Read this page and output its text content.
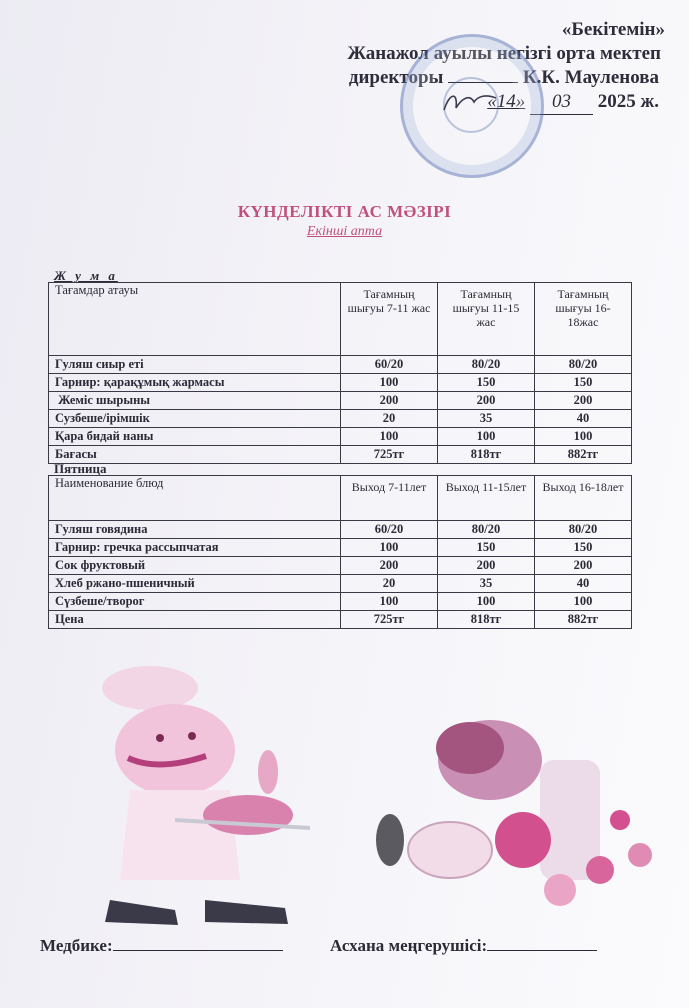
«Бекітемін»
Жанажол ауылы негізгі орта мектеп
директоры	К.К. Мауленова
«14» 03 2025 ж.
КҮНДЕЛІКТІ АС МӘЗІРІ
Екінші апта
Ж у м а
Тағамдар атауы	Тағамның шығуы 7-11 жас	Тағамның шығуы 11-15 жас	Тағамның шығуы 16-18жас
Гуляш сиыр еті	60/20	80/20	80/20
Гарнир: қарақұмық жармасы	100	150	150
Жеміс шырыны	200	200	200
Сузбеше/ірімшік	20	35	40
Қара бидай наны	100	100	100
Бағасы	725тг	818тг	882тг
Пятница
Наименование блюд	Выход 7-11лет	Выход 11-15лет	Выход 16-18лет
Гуляш говядина	60/20	80/20	80/20
Гарнир: гречка рассыпчатая	100	150	150
Сок фруктовый	200	200	200
Хлеб ржано-пшеничный	20	35	40
Сүзбеше/творог	100	100	100
Цена	725тг	818тг	882тг
Медбике:	Асхана меңгерушісі:
